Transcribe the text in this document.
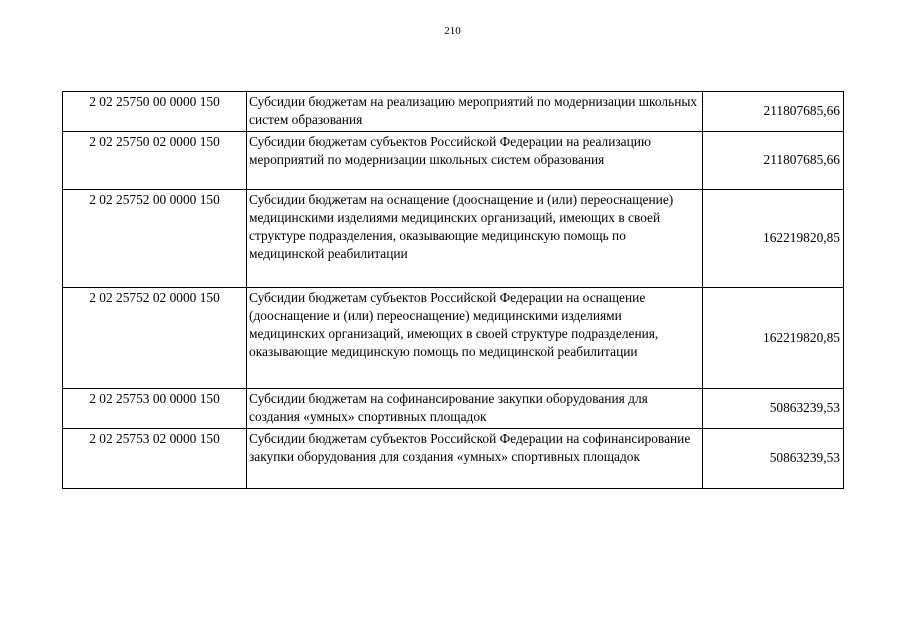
210
2 02 25750 00 0000 150	Субсидии бюджетам на реализацию мероприятий по модернизации школьных систем образования	211807685,66
2 02 25750 02 0000 150	Субсидии бюджетам субъектов Российской Федерации на реализацию мероприятий по модернизации школьных систем образования	211807685,66
2 02 25752 00 0000 150	Субсидии бюджетам на оснащение (дооснащение и (или) переоснащение) медицинскими изделиями медицинских организаций, имеющих в своей структуре подразделения, оказывающие медицинскую помощь по медицинской реабилитации	162219820,85
2 02 25752 02 0000 150	Субсидии бюджетам субъектов Российской Федерации на оснащение (дооснащение и (или) переоснащение) медицинскими изделиями медицинских организаций, имеющих в своей структуре подразделения, оказывающие медицинскую помощь по медицинской реабилитации	162219820,85
2 02 25753 00 0000 150	Субсидии бюджетам на софинансирование закупки оборудования для создания «умных» спортивных площадок	50863239,53
2 02 25753 02 0000 150	Субсидии бюджетам субъектов Российской Федерации на софинансирование закупки оборудования для создания «умных» спортивных площадок	50863239,53
